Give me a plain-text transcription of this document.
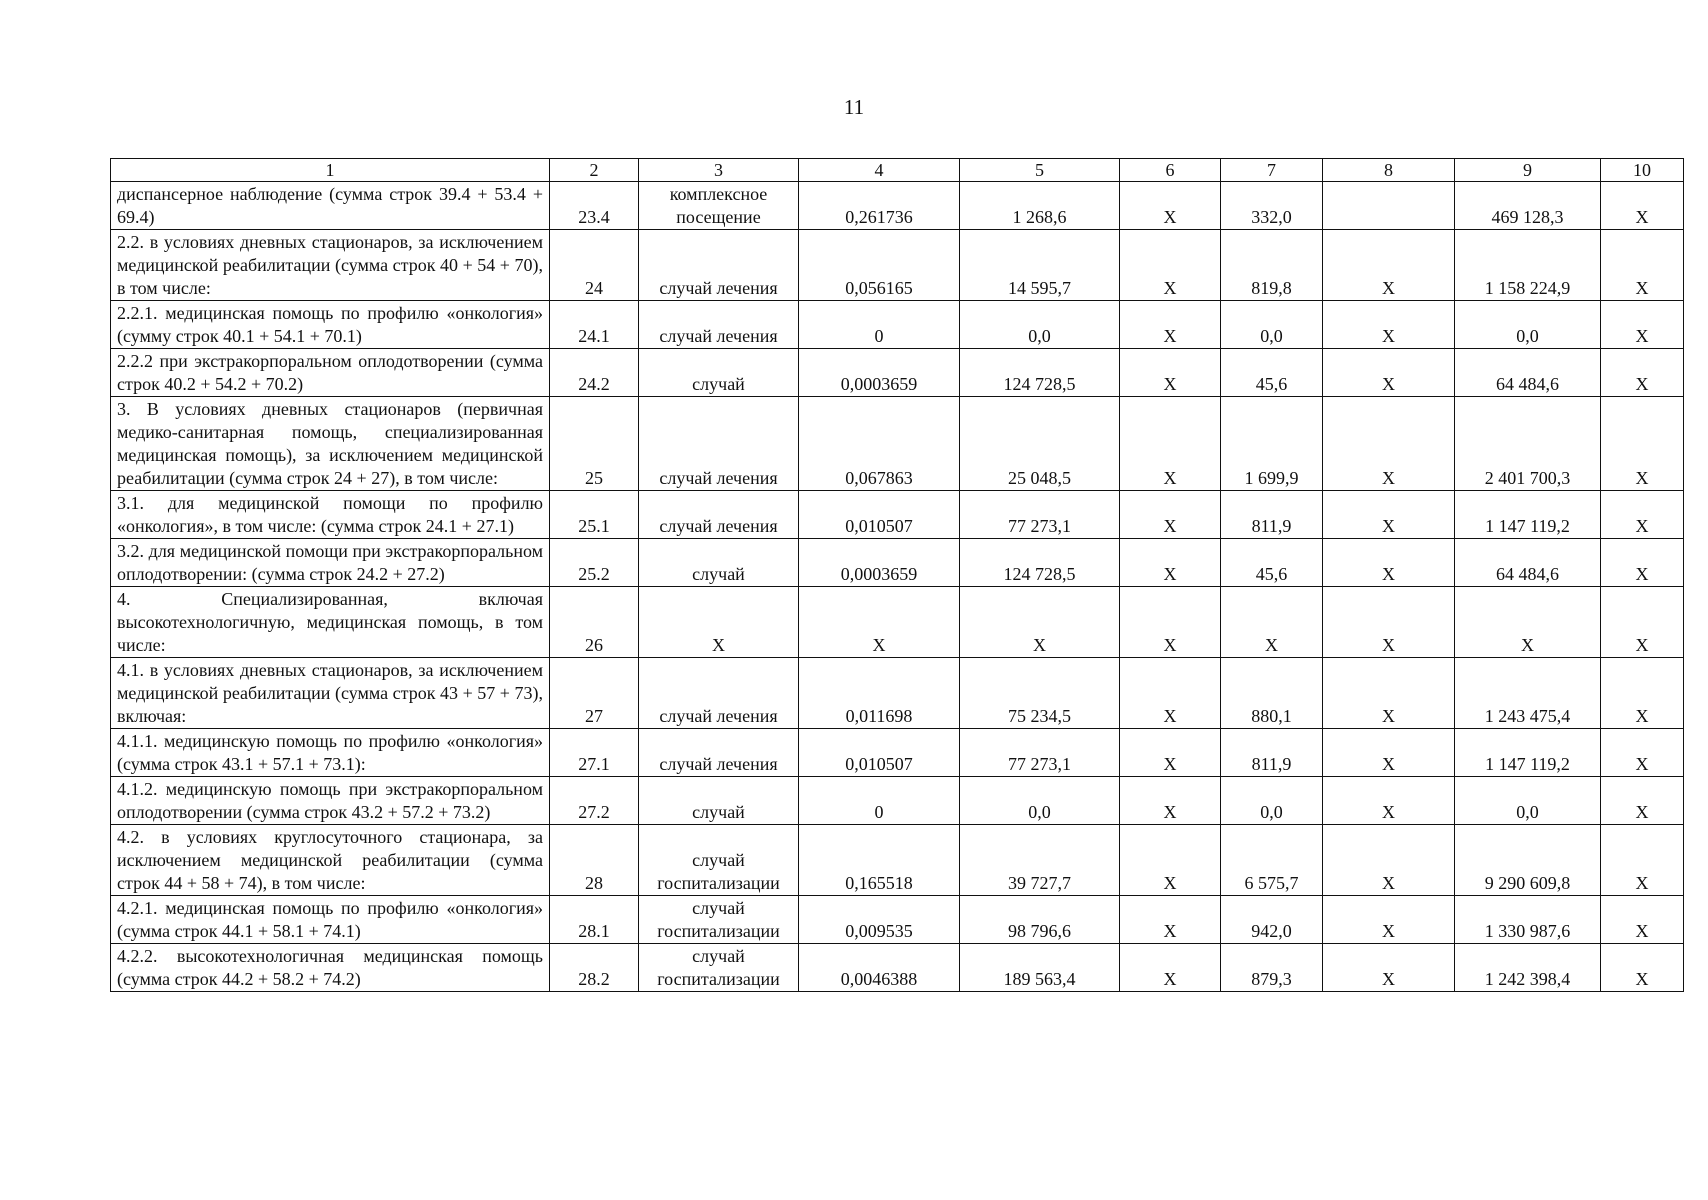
11
1	2	3	4	5	6	7	8	9	10
диспансерное наблюдение (сумма строк 39.4 + 53.4 + 69.4)	23.4	комплексное посещение	0,261736	1 268,6	X	332,0		469 128,3	X
2.2. в условиях дневных стационаров, за исключением медицинской реабилитации (сумма строк 40 + 54 + 70), в том числе:	24	случай лечения	0,056165	14 595,7	X	819,8	X	1 158 224,9	X
2.2.1. медицинская помощь по профилю «онкология» (сумму строк 40.1 + 54.1 + 70.1)	24.1	случай лечения	0	0,0	X	0,0	X	0,0	X
2.2.2 при экстракорпоральном оплодотворении (сумма строк 40.2 + 54.2 + 70.2)	24.2	случай	0,0003659	124 728,5	X	45,6	X	64 484,6	X
3. В условиях дневных стационаров (первичная медико-санитарная помощь, специализированная медицинская помощь), за исключением медицинской реабилитации (сумма строк 24 + 27), в том числе:	25	случай лечения	0,067863	25 048,5	X	1 699,9	X	2 401 700,3	X
3.1. для медицинской помощи по профилю «онкология», в том числе: (сумма строк 24.1 + 27.1)	25.1	случай лечения	0,010507	77 273,1	X	811,9	X	1 147 119,2	X
3.2. для медицинской помощи при экстракорпоральном оплодотворении: (сумма строк 24.2 + 27.2)	25.2	случай	0,0003659	124 728,5	X	45,6	X	64 484,6	X
4. Специализированная, включая высокотехнологичную, медицинская помощь, в том числе:	26	X	X	X	X	X	X	X	X
4.1. в условиях дневных стационаров, за исключением медицинской реабилитации (сумма строк 43 + 57 + 73), включая:	27	случай лечения	0,011698	75 234,5	X	880,1	X	1 243 475,4	X
4.1.1. медицинскую помощь по профилю «онкология» (сумма строк 43.1 + 57.1 + 73.1):	27.1	случай лечения	0,010507	77 273,1	X	811,9	X	1 147 119,2	X
4.1.2. медицинскую помощь при экстракорпоральном оплодотворении (сумма строк 43.2 + 57.2 + 73.2)	27.2	случай	0	0,0	X	0,0	X	0,0	X
4.2. в условиях круглосуточного стационара, за исключением медицинской реабилитации (сумма строк 44 + 58 + 74), в том числе:	28	случай госпитализации	0,165518	39 727,7	X	6 575,7	X	9 290 609,8	X
4.2.1. медицинская помощь по профилю «онкология» (сумма строк 44.1 + 58.1 + 74.1)	28.1	случай госпитализации	0,009535	98 796,6	X	942,0	X	1 330 987,6	X
4.2.2. высокотехнологичная медицинская помощь (сумма строк 44.2 + 58.2 + 74.2)	28.2	случай госпитализации	0,0046388	189 563,4	X	879,3	X	1 242 398,4	X
